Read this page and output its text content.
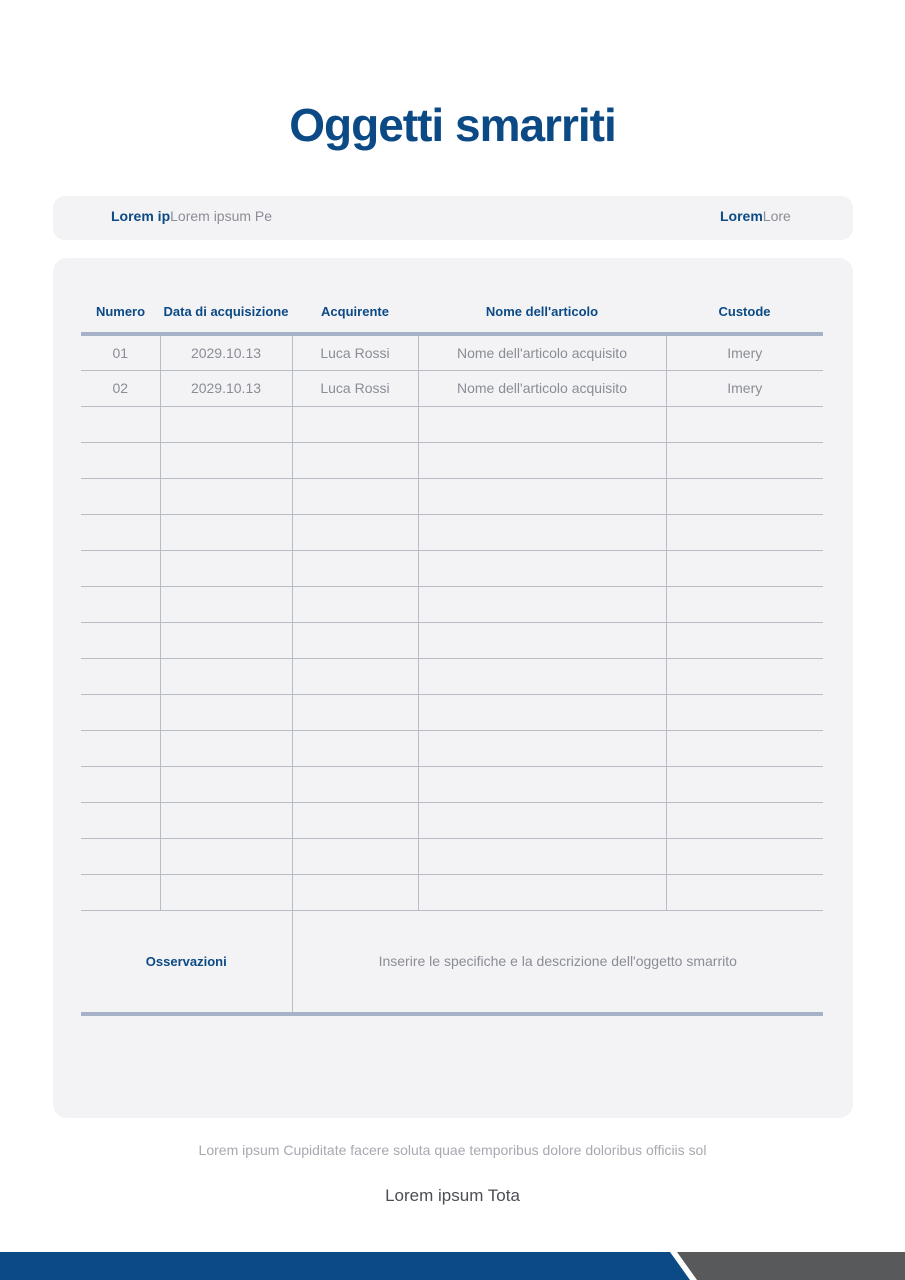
Oggetti smarriti
Lorem ipLorem ipsum Pe	LoremLore
Numero	Data di acquisizione	Acquirente	Nome dell'articolo	Custode
01	2029.10.13	Luca Rossi	Nome dell'articolo acquisito	Imery
02	2029.10.13	Luca Rossi	Nome dell'articolo acquisito	Imery

Osservazioni		Inserire le specifiche e la descrizione dell'oggetto smarrito		
Lorem ipsum Cupiditate facere soluta quae temporibus dolore doloribus officiis sol
Lorem ipsum Tota
